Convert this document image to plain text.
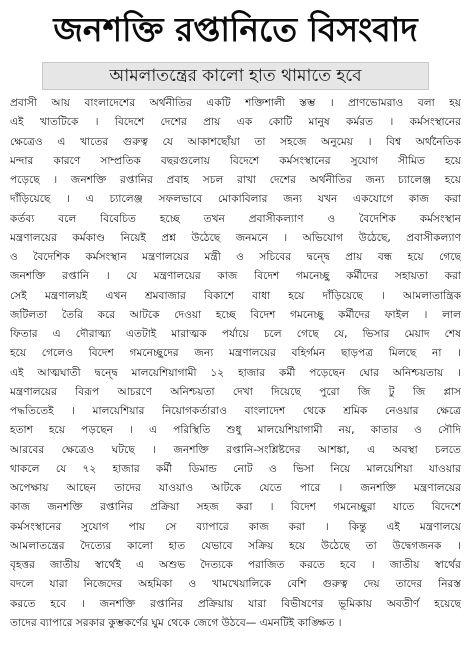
জনশক্তি রপ্তানিতে বিসংবাদ
আমলাতন্ত্রের কালো হাত থামাতে হবে
প্রবাসী আয় বাংলাদেশের অর্থনীতির একটি শক্তিশালী স্তম্ভ । প্রাণভোমরাও বলা হয়
এই খাতটিকে । বিদেশে দেশের প্রায় এক কোটি মানুষ কর্মরত । কর্মসংস্থানের
ক্ষেত্রেও এ খাতের গুরুত্ব যে আকাশছোঁয়া তা সহজে অনুমেয় । বিশ্ব অর্থনৈতিক
মন্দার কারণে সাম্প্রতিক বছরগুলোয় বিদেশে কর্মসংস্থানের সুযোগ সীমিত হয়ে
পড়েছে । জনশক্তি রপ্তানির প্রবাহ সচল রাখা দেশের অর্থনীতির জন্য চ্যালেঞ্জ হয়ে
দাঁড়িয়েছে । এ চ্যালেঞ্জ সফলভাবে মোকাবিলার জন্য যখন একযোগে কাজ করা
কর্তব্য বলে বিবেচিত হচ্ছে তখন প্রবাসীকল্যাণ ও বৈদেশিক কর্মসংস্থান
মন্ত্রণালয়ের কর্মকাণ্ড নিয়েই প্রশ্ন উঠেছে জনমনে । অভিযোগ উঠেছে, প্রবাসীকল্যাণ
ও বৈদেশিক কর্মসংস্থান মন্ত্রণালয়ের মন্ত্রী ও সচিবের দ্বন্দ্বে প্রায় বন্ধ হয়ে গেছে
জনশক্তি রপ্তানি । যে মন্ত্রণালয়ের কাজ বিদেশ গমনেচ্ছু কর্মীদের সহায়তা করা
সেই মন্ত্রণালয়ই এখন শ্রমবাজার বিকাশে বাধা হয়ে দাঁড়িয়েছে । আমলাতান্ত্রিক
জটিলতা তৈরি করে আটকে দেওয়া হচ্ছে বিদেশ গমনেচ্ছু কর্মীদের ফাইল । লাল
ফিতার এ দৌরাত্ম্য এতটাই মারাত্মক পর্যায়ে চলে গেছে যে, ভিসার মেয়াদ শেষ
হয়ে গেলেও বিদেশ গমনেচ্ছুদের জন্য মন্ত্রণালয়ের বহির্গমন ছাড়পত্র মিলছে না ।
এই আত্মঘাতী দ্বন্দ্বে মালয়েশিয়াগামী ১২ হাজার কর্মী পড়েছেন ঘোর অনিশ্চয়তায় ।
মন্ত্রণালয়ের বিরূপ আচরণে অনিশ্চয়তা দেখা দিয়েছে পুরো জি টু জি প্লাস
পদ্ধতিতেই । মালয়েশিয়ার নিয়োগকর্তারাও বাংলাদেশ থেকে শ্রমিক নেওয়ার ক্ষেত্রে
হতাশ হয়ে পড়ছেন । এ পরিস্থিতি শুধু মালয়েশিয়াগামী নয়, কাতার ও সৌদি
আরবের ক্ষেত্রেও ঘটছে । জনশক্তি রপ্তানি-সংশ্লিষ্টদের আশঙ্কা, এ অবস্থা চলতে
থাকলে যে ৭২ হাজার কর্মী ডিমান্ড নোট ও ভিসা নিয়ে মালয়েশিয়া যাওয়ার
অপেক্ষায় আছেন তাদের যাওয়াও আটকে যেতে পারে । জনশক্তি মন্ত্রণালয়ের
কাজ জনশক্তি রপ্তানির প্রক্রিয়া সহজ করা । বিদেশ গমনেচ্ছুরা যাতে বিদেশে
কর্মসংস্থানের সুযোগ পায় সে ব্যাপারে কাজ করা । কিন্তু এই মন্ত্রণালয়ে
আমলাতন্ত্রের দৈত্যের কালো হাত যেভাবে সক্রিয় হয়ে উঠেছে তা উদ্বেগজনক ।
বৃহত্তর জাতীয় স্বার্থেই এ অশুভ দৈত্যকে পরাজিত করতে হবে । জাতীয় স্বার্থের
বদলে যারা নিজেদের অহমিকা ও খামখেয়ালিকে বেশি গুরুত্ব দেয় তাদের নিরস্ত
করতে হবে । জনশক্তি রপ্তানির প্রক্রিয়ায় যারা বিভীষণের ভূমিকায় অবতীর্ণ হয়েছে
তাদের ব্যাপারে সরকার কুম্ভকর্ণের ঘুম থেকে জেগে উঠবে— এমনটিই কাঙ্ক্ষিত ।
